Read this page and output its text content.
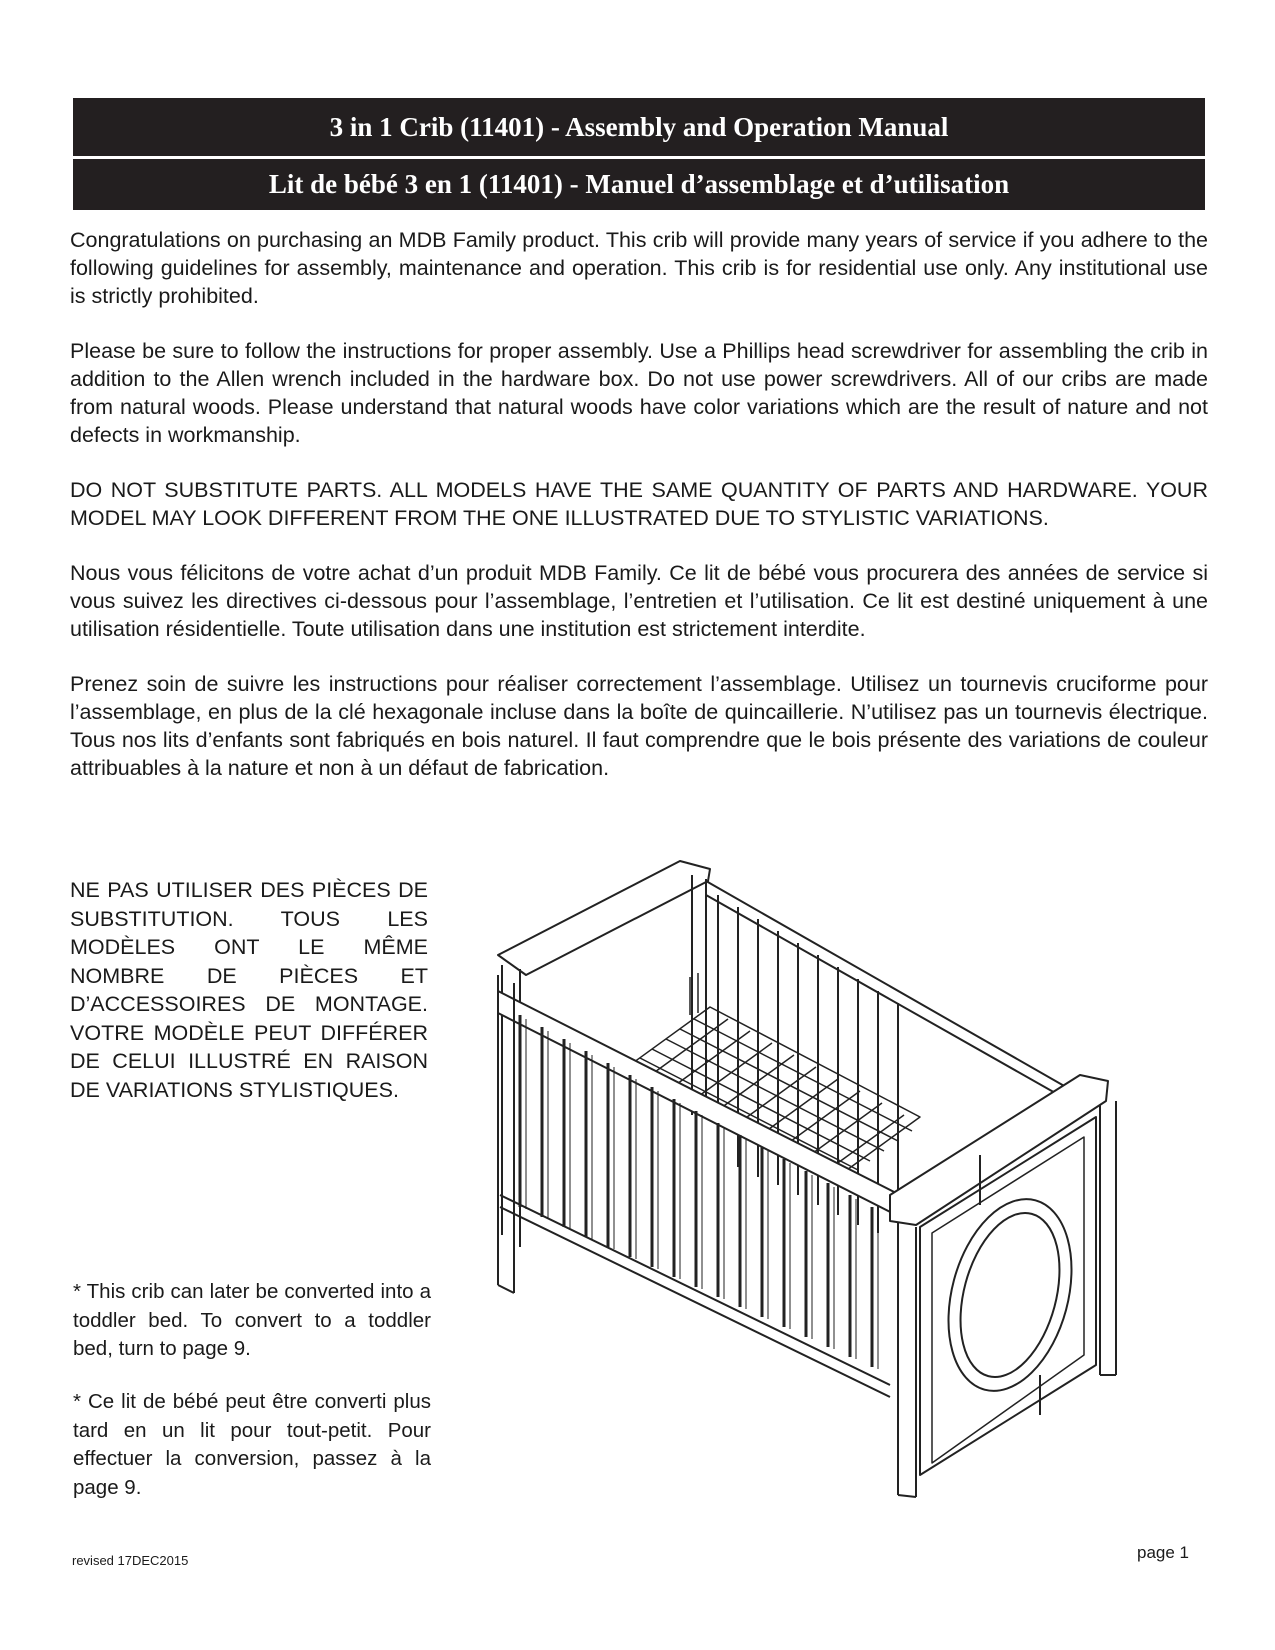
3 in 1 Crib (11401) - Assembly and Operation Manual
Lit de bébé 3 en 1 (11401) - Manuel d’assemblage et d’utilisation

Congratulations on purchasing an MDB Family product. This crib will provide many years of service if you adhere to the following guidelines for assembly, maintenance and operation. This crib is for residential use only. Any institutional use is strictly prohibited.

Please be sure to follow the instructions for proper assembly. Use a Phillips head screwdriver for assembling the crib in addition to the Allen wrench included in the hardware box. Do not use power screwdrivers. All of our cribs are made from natural woods. Please understand that natural woods have color variations which are the result of nature and not defects in workmanship.

DO NOT SUBSTITUTE PARTS. ALL MODELS HAVE THE SAME QUANTITY OF PARTS AND HARDWARE. YOUR MODEL MAY LOOK DIFFERENT FROM THE ONE ILLUSTRATED DUE TO STYLISTIC VARIATIONS.

Nous vous félicitons de votre achat d’un produit MDB Family. Ce lit de bébé vous procurera des années de service si vous suivez les directives ci-dessous pour l’assemblage, l’entretien et l’utilisation. Ce lit est destiné uniquement à une utilisation résidentielle. Toute utilisation dans une institution est strictement interdite.

Prenez soin de suivre les instructions pour réaliser correctement l’assemblage. Utilisez un tournevis cruciforme pour l’assemblage, en plus de la clé hexagonale incluse dans la boîte de quincaillerie. N’utilisez pas un tournevis électrique. Tous nos lits d’enfants sont fabriqués en bois naturel. Il faut comprendre que le bois présente des variations de couleur attribuables à la nature et non à un défaut de fabrication.

NE PAS UTILISER DES PIÈCES DE SUBSTITUTION. TOUS LES MODÈLES ONT LE MÊME NOMBRE DE PIÈCES ET D’ACCESSOIRES DE MONTAGE. VOTRE MODÈLE PEUT DIFFÉRER DE CELUI ILLUSTRÉ EN RAISON DE VARIATIONS STYLISTIQUES.
* This crib can later be converted into a toddler bed. To convert to a toddler bed, turn to page 9.
* Ce lit de bébé peut être converti plus tard en un lit pour tout-petit. Pour effectuer la conversion, passez à la page 9.
revised 17DEC2015	page 1
